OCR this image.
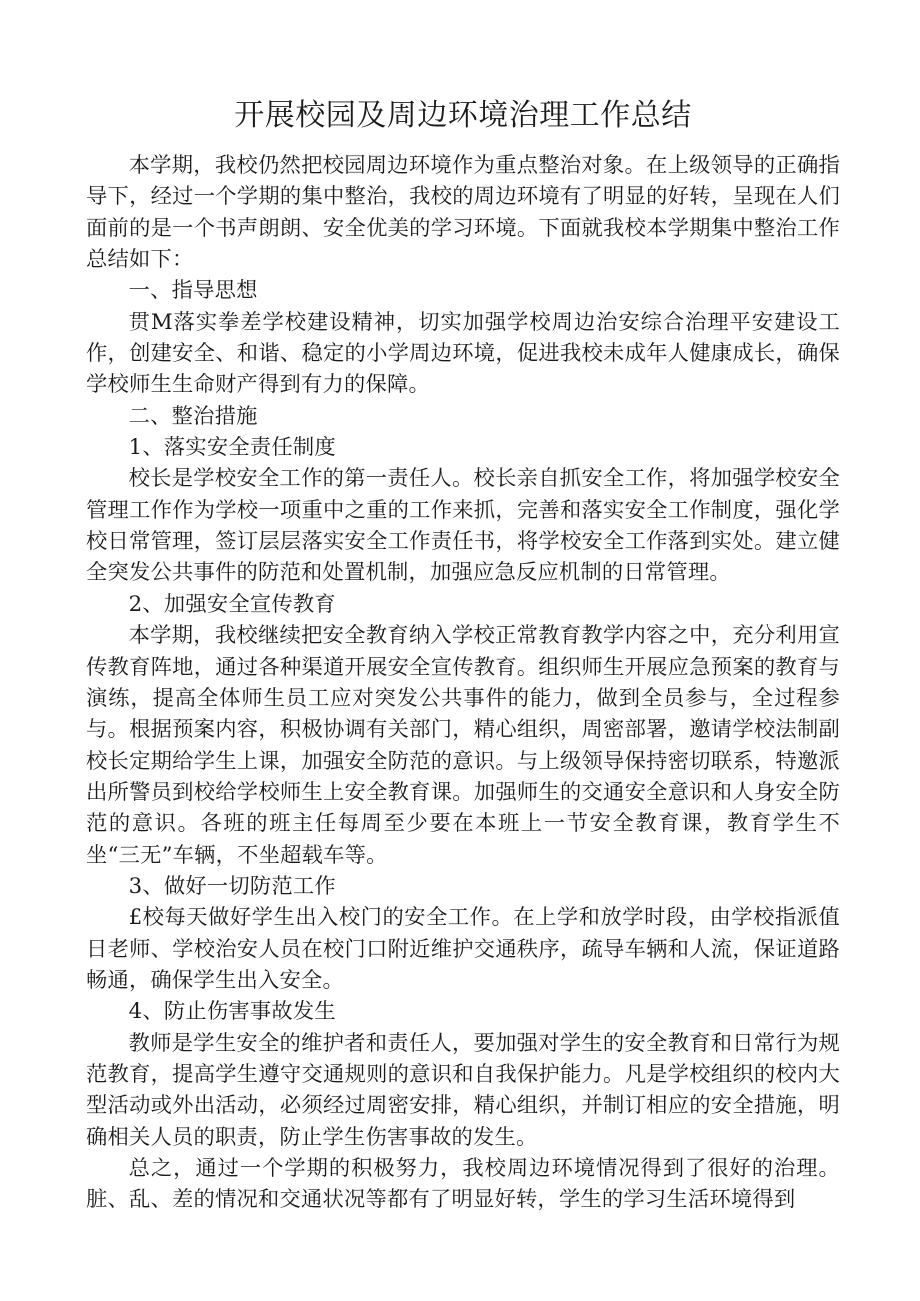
开展校园及周边环境治理工作总结

本学期，我校仍然把校园周边环境作为重点整治对象。在上级领导的正确指导下，经过一个学期的集中整治，我校的周边环境有了明显的好转，呈现在人们面前的是一个书声朗朗、安全优美的学习环境。下面就我校本学期集中整治工作总结如下：

一、指导思想

贯M落实拳差学校建设精神，切实加强学校周边治安综合治理平安建设工作，创建安全、和谐、稳定的小学周边环境，促进我校未成年人健康成长，确保学校师生生命财产得到有力的保障。

二、整治措施

1、落实安全责任制度

校长是学校安全工作的第一责任人。校长亲自抓安全工作，将加强学校安全管理工作作为学校一项重中之重的工作来抓，完善和落实安全工作制度，强化学校日常管理，签订层层落实安全工作责任书，将学校安全工作落到实处。建立健全突发公共事件的防范和处置机制，加强应急反应机制的日常管理。

2、加强安全宣传教育

本学期，我校继续把安全教育纳入学校正常教育教学内容之中，充分利用宣传教育阵地，通过各种渠道开展安全宣传教育。组织师生开展应急预案的教育与演练，提高全体师生员工应对突发公共事件的能力，做到全员参与，全过程参与。根据预案内容，积极协调有关部门，精心组织，周密部署，邀请学校法制副校长定期给学生上课，加强安全防范的意识。与上级领导保持密切联系，特邀派出所警员到校给学校师生上安全教育课。加强师生的交通安全意识和人身安全防范的意识。各班的班主任每周至少要在本班上一节安全教育课，教育学生不坐“三无”车辆，不坐超载车等。

3、做好一切防范工作

£校每天做好学生出入校门的安全工作。在上学和放学时段，由学校指派值日老师、学校治安人员在校门口附近维护交通秩序，疏导车辆和人流，保证道路畅通，确保学生出入安全。

4、防止伤害事故发生

教师是学生安全的维护者和责任人，要加强对学生的安全教育和日常行为规范教育，提高学生遵守交通规则的意识和自我保护能力。凡是学校组织的校内大型活动或外出活动，必须经过周密安排，精心组织，并制订相应的安全措施，明确相关人员的职责，防止学生伤害事故的发生。

总之，通过一个学期的积极努力，我校周边环境情况得到了很好的治理。脏、乱、差的情况和交通状况等都有了明显好转，学生的学习生活环境得到
